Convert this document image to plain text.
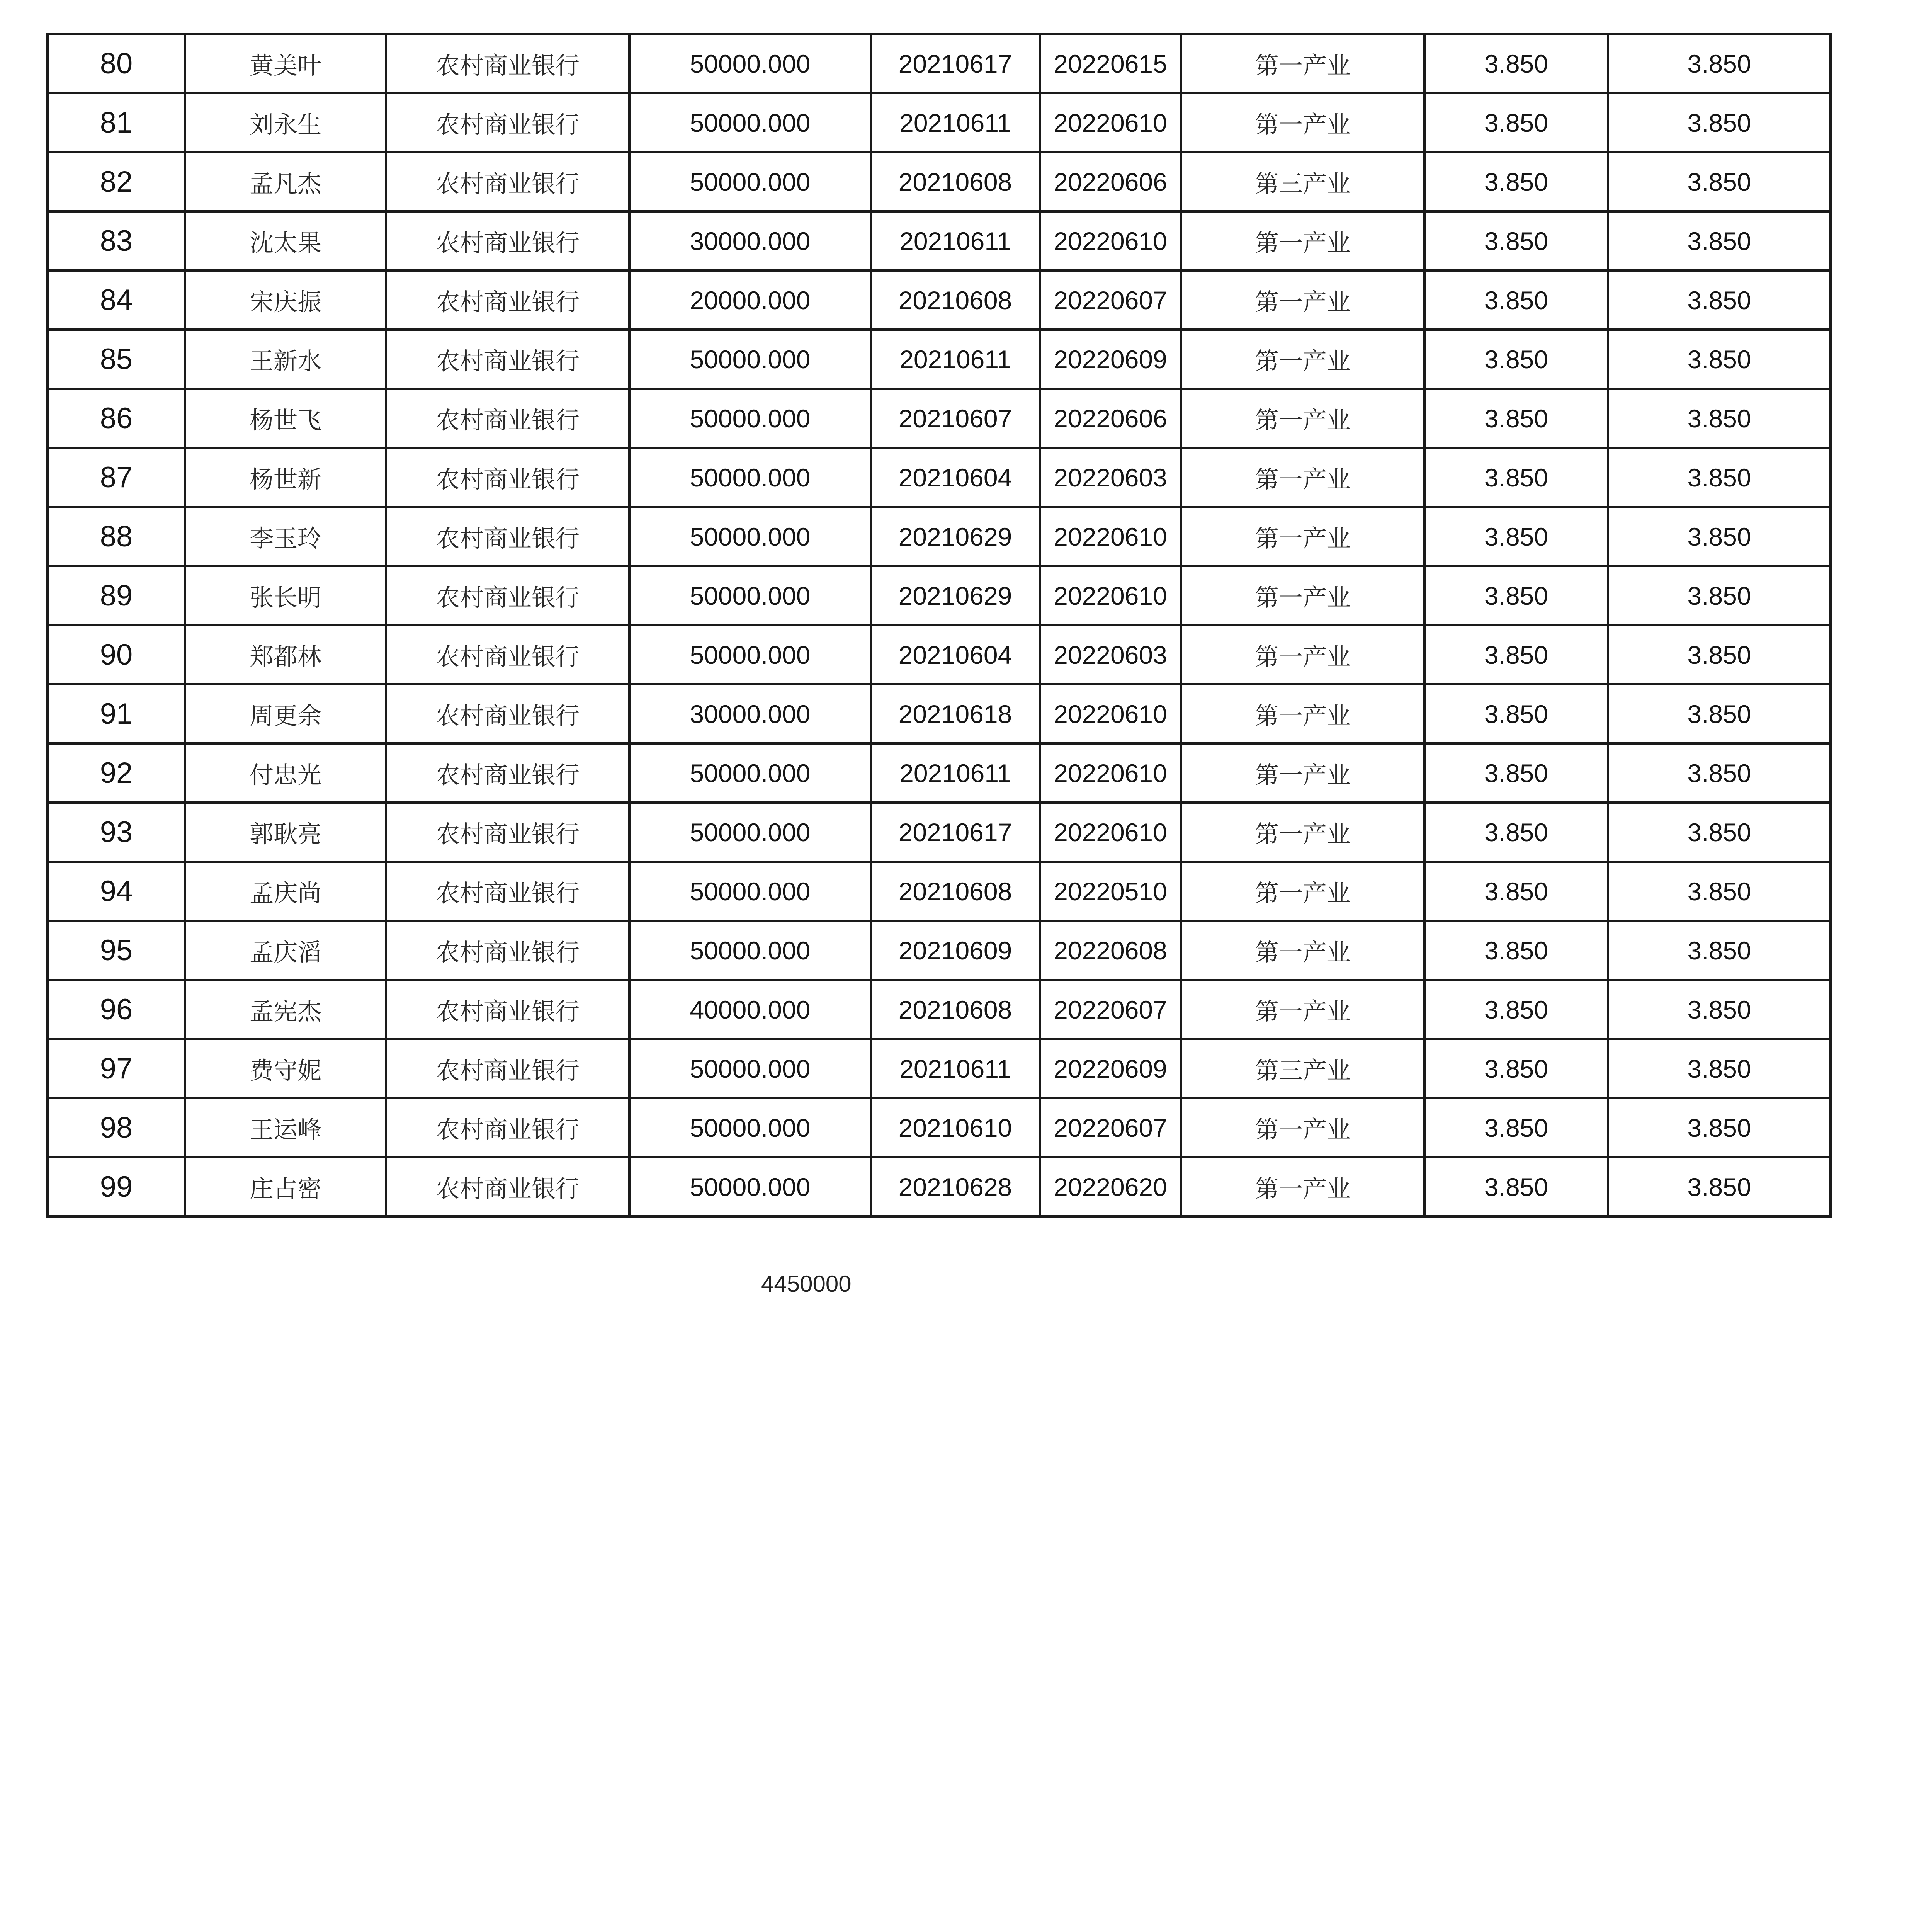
80	黄美叶	农村商业银行	50000.000	20210617	20220615	第一产业	3.850	3.850
81	刘永生	农村商业银行	50000.000	20210611	20220610	第一产业	3.850	3.850
82	孟凡杰	农村商业银行	50000.000	20210608	20220606	第三产业	3.850	3.850
83	沈太果	农村商业银行	30000.000	20210611	20220610	第一产业	3.850	3.850
84	宋庆振	农村商业银行	20000.000	20210608	20220607	第一产业	3.850	3.850
85	王新水	农村商业银行	50000.000	20210611	20220609	第一产业	3.850	3.850
86	杨世飞	农村商业银行	50000.000	20210607	20220606	第一产业	3.850	3.850
87	杨世新	农村商业银行	50000.000	20210604	20220603	第一产业	3.850	3.850
88	李玉玲	农村商业银行	50000.000	20210629	20220610	第一产业	3.850	3.850
89	张长明	农村商业银行	50000.000	20210629	20220610	第一产业	3.850	3.850
90	郑都林	农村商业银行	50000.000	20210604	20220603	第一产业	3.850	3.850
91	周更余	农村商业银行	30000.000	20210618	20220610	第一产业	3.850	3.850
92	付忠光	农村商业银行	50000.000	20210611	20220610	第一产业	3.850	3.850
93	郭耿亮	农村商业银行	50000.000	20210617	20220610	第一产业	3.850	3.850
94	孟庆尚	农村商业银行	50000.000	20210608	20220510	第一产业	3.850	3.850
95	孟庆滔	农村商业银行	50000.000	20210609	20220608	第一产业	3.850	3.850
96	孟宪杰	农村商业银行	40000.000	20210608	20220607	第一产业	3.850	3.850
97	费守妮	农村商业银行	50000.000	20210611	20220609	第三产业	3.850	3.850
98	王运峰	农村商业银行	50000.000	20210610	20220607	第一产业	3.850	3.850
99	庄占密	农村商业银行	50000.000	20210628	20220620	第一产业	3.850	3.850
4450000
